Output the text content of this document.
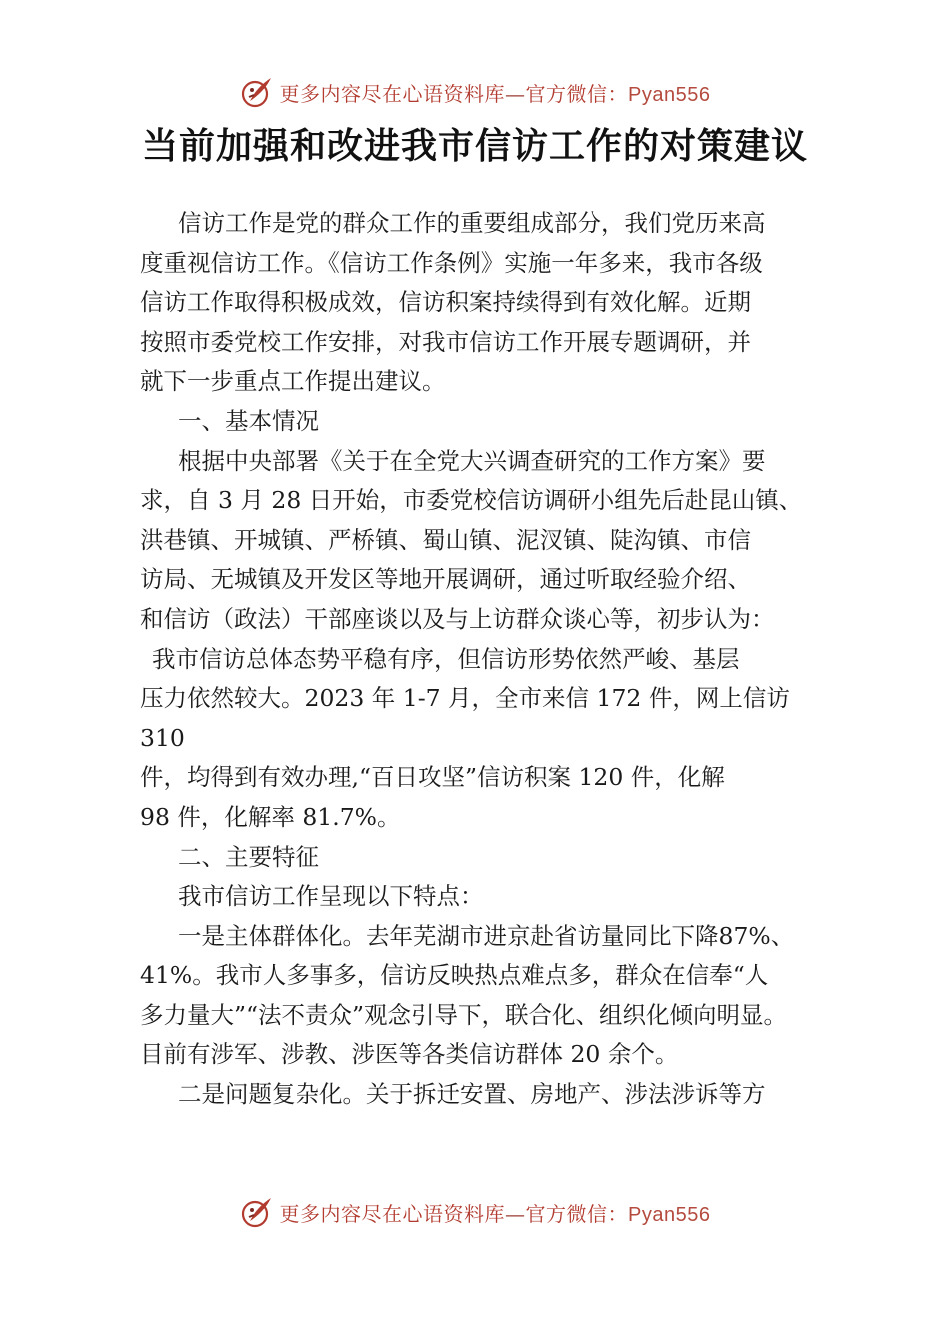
更多内容尽在心语资料库—官方微信：Pyan556
当前加强和改进我市信访工作的对策建议
信访工作是党的群众工作的重要组成部分，我们党历来高
度重视信访工作。《信访工作条例》实施一年多来，我市各级
信访工作取得积极成效，信访积案持续得到有效化解。近期
按照市委党校工作安排，对我市信访工作开展专题调研，并
就下一步重点工作提出建议。
一、基本情况
根据中央部署《关于在全党大兴调查研究的工作方案》要
求，自 3 月 28 日开始，市委党校信访调研小组先后赴昆山镇、
洪巷镇、开城镇、严桥镇、蜀山镇、泥汊镇、陡沟镇、市信
访局、无城镇及开发区等地开展调研，通过听取经验介绍、
和信访（政法）干部座谈以及与上访群众谈心等，初步认为：
我市信访总体态势平稳有序，但信访形势依然严峻、基层
压力依然较大。2023 年 1-7 月，全市来信 172 件，网上信访
310
件，均得到有效办理,“百日攻坚”信访积案 120 件，化解
98 件，化解率 81.7%。
二、主要特征
我市信访工作呈现以下特点：
一是主体群体化。去年芜湖市进京赴省访量同比下降87%、
41%。我市人多事多，信访反映热点难点多，群众在信奉“人
多力量大”“法不责众”观念引导下，联合化、组织化倾向明显。
目前有涉军、涉教、涉医等各类信访群体 20 余个。
二是问题复杂化。关于拆迁安置、房地产、涉法涉诉等方
更多内容尽在心语资料库—官方微信：Pyan556
